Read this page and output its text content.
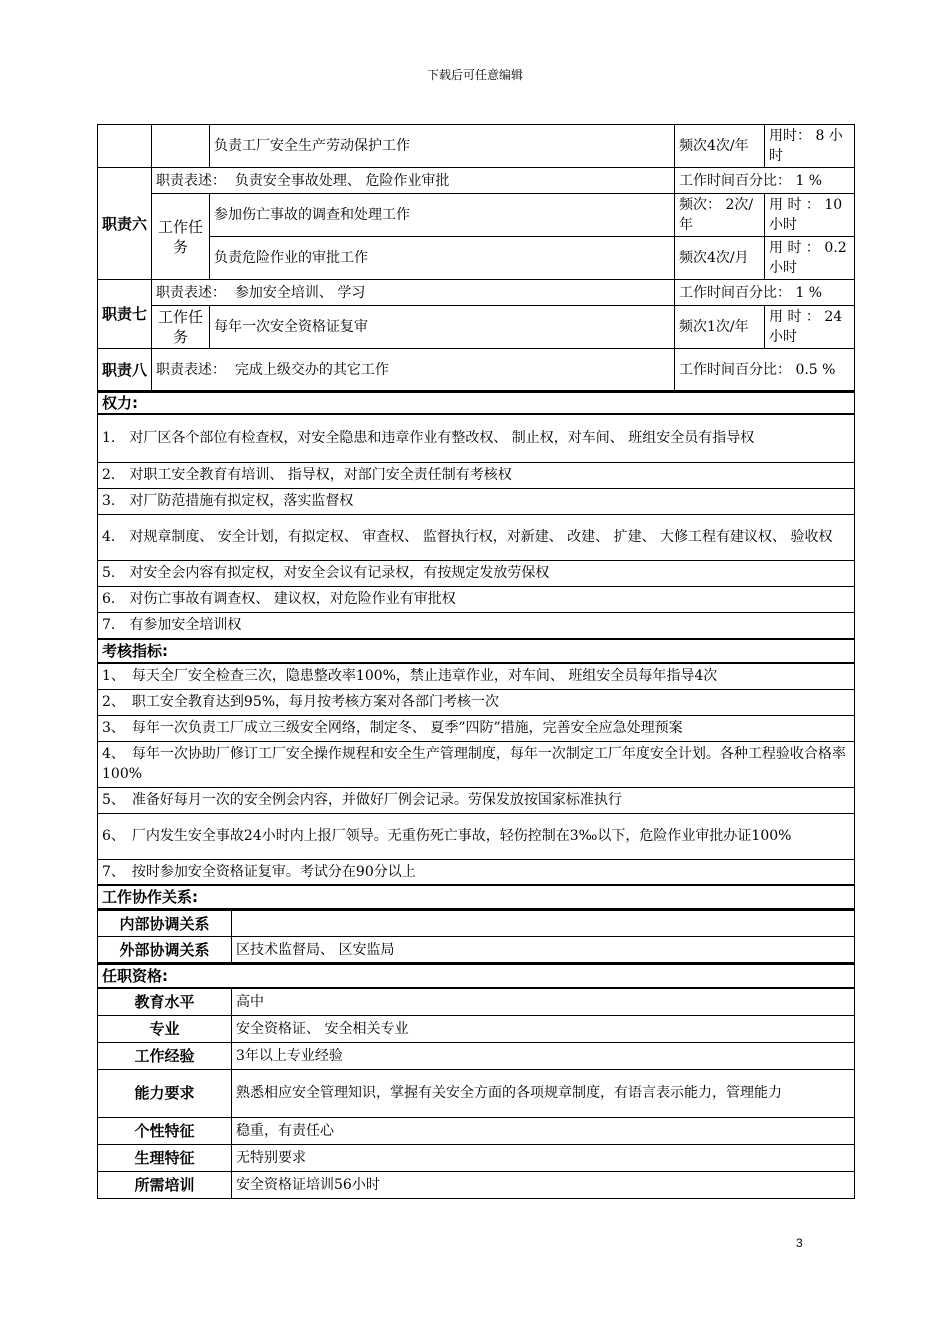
下载后可任意编辑
		负责工厂安全生产劳动保护工作	频次4次/年	用时： 8 小时
职责六	职责表述： 负责安全事故处理、 危险作业审批		工作时间百分比： 1 %	
	工作任务	参加伤亡事故的调查和处理工作	频次： 2次/年	用 时 ： 10小时
		负责危险作业的审批工作	频次4次/月	用 时 ： 0.2小时
职责七	职责表述： 参加安全培训、 学习		工作时间百分比： 1 %	
	工作任务	每年一次安全资格证复审	频次1次/年	用 时 ： 24小时
职责八	职责表述： 完成上级交办的其它工作		工作时间百分比： 0.5 %	
权力:
1.　对厂区各个部位有检查权，对安全隐患和违章作业有整改权、 制止权，对车间、 班组安全员有指导权
2.　对职工安全教育有培训、 指导权，对部门安全责任制有考核权
3.　对厂防范措施有拟定权，落实监督权
4.　对规章制度、 安全计划，有拟定权、 审查权、 监督执行权，对新建、 改建、 扩建、 大修工程有建议权、 验收权
5.　对安全会内容有拟定权，对安全会议有记录权，有按规定发放劳保权
6.　对伤亡事故有调查权、 建议权，对危险作业有审批权
7.　有参加安全培训权
考核指标:
1、　每天全厂安全检查三次，隐患整改率100%，禁止违章作业，对车间、 班组安全员每年指导4次
2、　职工安全教育达到95%，每月按考核方案对各部门考核一次
3、　每年一次负责工厂成立三级安全网络，制定冬、 夏季”四防”措施，完善安全应急处理预案
4、　每年一次协助厂修订工厂安全操作规程和安全生产管理制度，每年一次制定工厂年度安全计划。各种工程验收合格率100%
5、　准备好每月一次的安全例会内容，并做好厂例会记录。劳保发放按国家标准执行
6、　厂内发生安全事故24小时内上报厂领导。无重伤死亡事故，轻伤控制在3‰以下，危险作业审批办证100%
7、　按时参加安全资格证复审。考试分在90分以上
工作协作关系:
内部协调关系	
外部协调关系	区技术监督局、 区安监局
任职资格:	
教育水平	高中
专业	安全资格证、 安全相关专业
工作经验	3年以上专业经验
能力要求	熟悉相应安全管理知识，掌握有关安全方面的各项规章制度，有语言表示能力，管理能力
个性特征	稳重，有责任心
生理特征	无特别要求
所需培训	安全资格证培训56小时
3
